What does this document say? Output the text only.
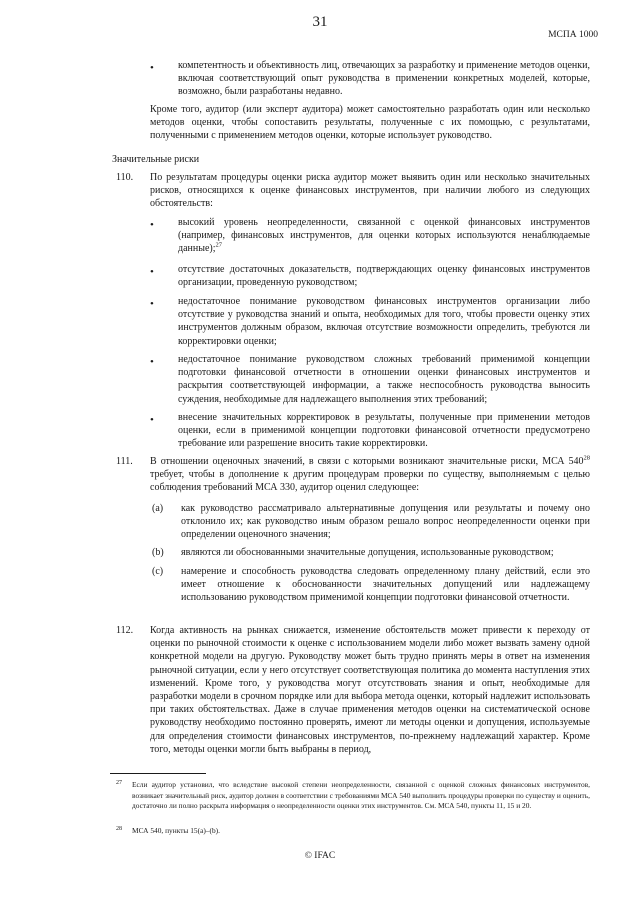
31
МСПА 1000
• компетентность и объективность лиц, отвечающих за разработку и применение методов оценки, включая соответствующий опыт руководства в применении конкретных моделей, которые, возможно, были разработаны недавно.
Кроме того, аудитор (или эксперт аудитора) может самостоятельно разработать один или несколько методов оценки, чтобы сопоставить результаты, полученные с их помощью, с результатами, полученными с применением методов оценки, которые использует руководство.
Значительные риски
110. По результатам процедуры оценки риска аудитор может выявить один или несколько значительных рисков, относящихся к оценке финансовых инструментов, при наличии любого из следующих обстоятельств:
• высокий уровень неопределенности, связанной с оценкой финансовых инструментов (например, финансовых инструментов, для оценки которых используются ненаблюдаемые данные);$^{27}$
• отсутствие достаточных доказательств, подтверждающих оценку финансовых инструментов организации, проведенную руководством;
• недостаточное понимание руководством финансовых инструментов организации либо отсутствие у руководства знаний и опыта, необходимых для того, чтобы провести оценку этих инструментов должным образом, включая отсутствие возможности определить, требуются ли корректировки оценки;
• недостаточное понимание руководством сложных требований применимой концепции подготовки финансовой отчетности в отношении оценки финансовых инструментов и раскрытия соответствующей информации, а также неспособность руководства выносить суждения, необходимые для надлежащего выполнения этих требований;
• внесение значительных корректировок в результаты, полученные при применении методов оценки, если в применимой концепции подготовки финансовой отчетности предусмотрено требование или разрешение вносить такие корректировки.
111. В отношении оценочных значений, в связи с которыми возникают значительные риски, МСА $540^{28}$ требует, чтобы в дополнение к другим процедурам проверки по существу, выполняемым с целью соблюдения требований МСА 330, аудитор оценил следующее:
(a) как руководство рассматривало альтернативные допущения или результаты и почему оно отклонило их; как руководство иным образом решало вопрос неопределенности оценки при определении оценочного значения;
(b) являются ли обоснованными значительные допущения, использованные руководством;
(c) намерение и способность руководства следовать определенному плану действий, если это имеет отношение к обоснованности значительных допущений или надлежащему использованию руководством применимой концепции подготовки финансовой отчетности.
112. Когда активность на рынках снижается, изменение обстоятельств может привести к переходу от оценки по рыночной стоимости к оценке с использованием модели либо может вызвать замену одной конкретной модели на другую. Руководству может быть трудно принять меры в ответ на изменения рыночной ситуации, если у него отсутствует соответствующая политика до момента наступления этих изменений. Кроме того, у руководства могут отсутствовать знания и опыт, необходимые для разработки модели в срочном порядке или для выбора метода оценки, который надлежит использовать при таких обстоятельствах. Даже в случае применения методов оценки на систематической основе руководству необходимо постоянно проверять, имеют ли методы оценки и допущения, используемые для определения стоимости финансовых инструментов, по-прежнему надлежащий характер. Кроме того, методы оценки могли быть выбраны в период,
27 Если аудитор установил, что вследствие высокой степени неопределенности, связанной с оценкой сложных финансовых инструментов, возникает значительный риск, аудитор должен в соответствии с требованиями МСА 540 выполнить процедуры проверки по существу и оценить, достаточно ли полно раскрыта информация о неопределенности оценки этих инструментов. См. МСА 540, пункты 11, 15 и 20.
28 МСА 540, пункты 15(a)–(b).
© IFAC
